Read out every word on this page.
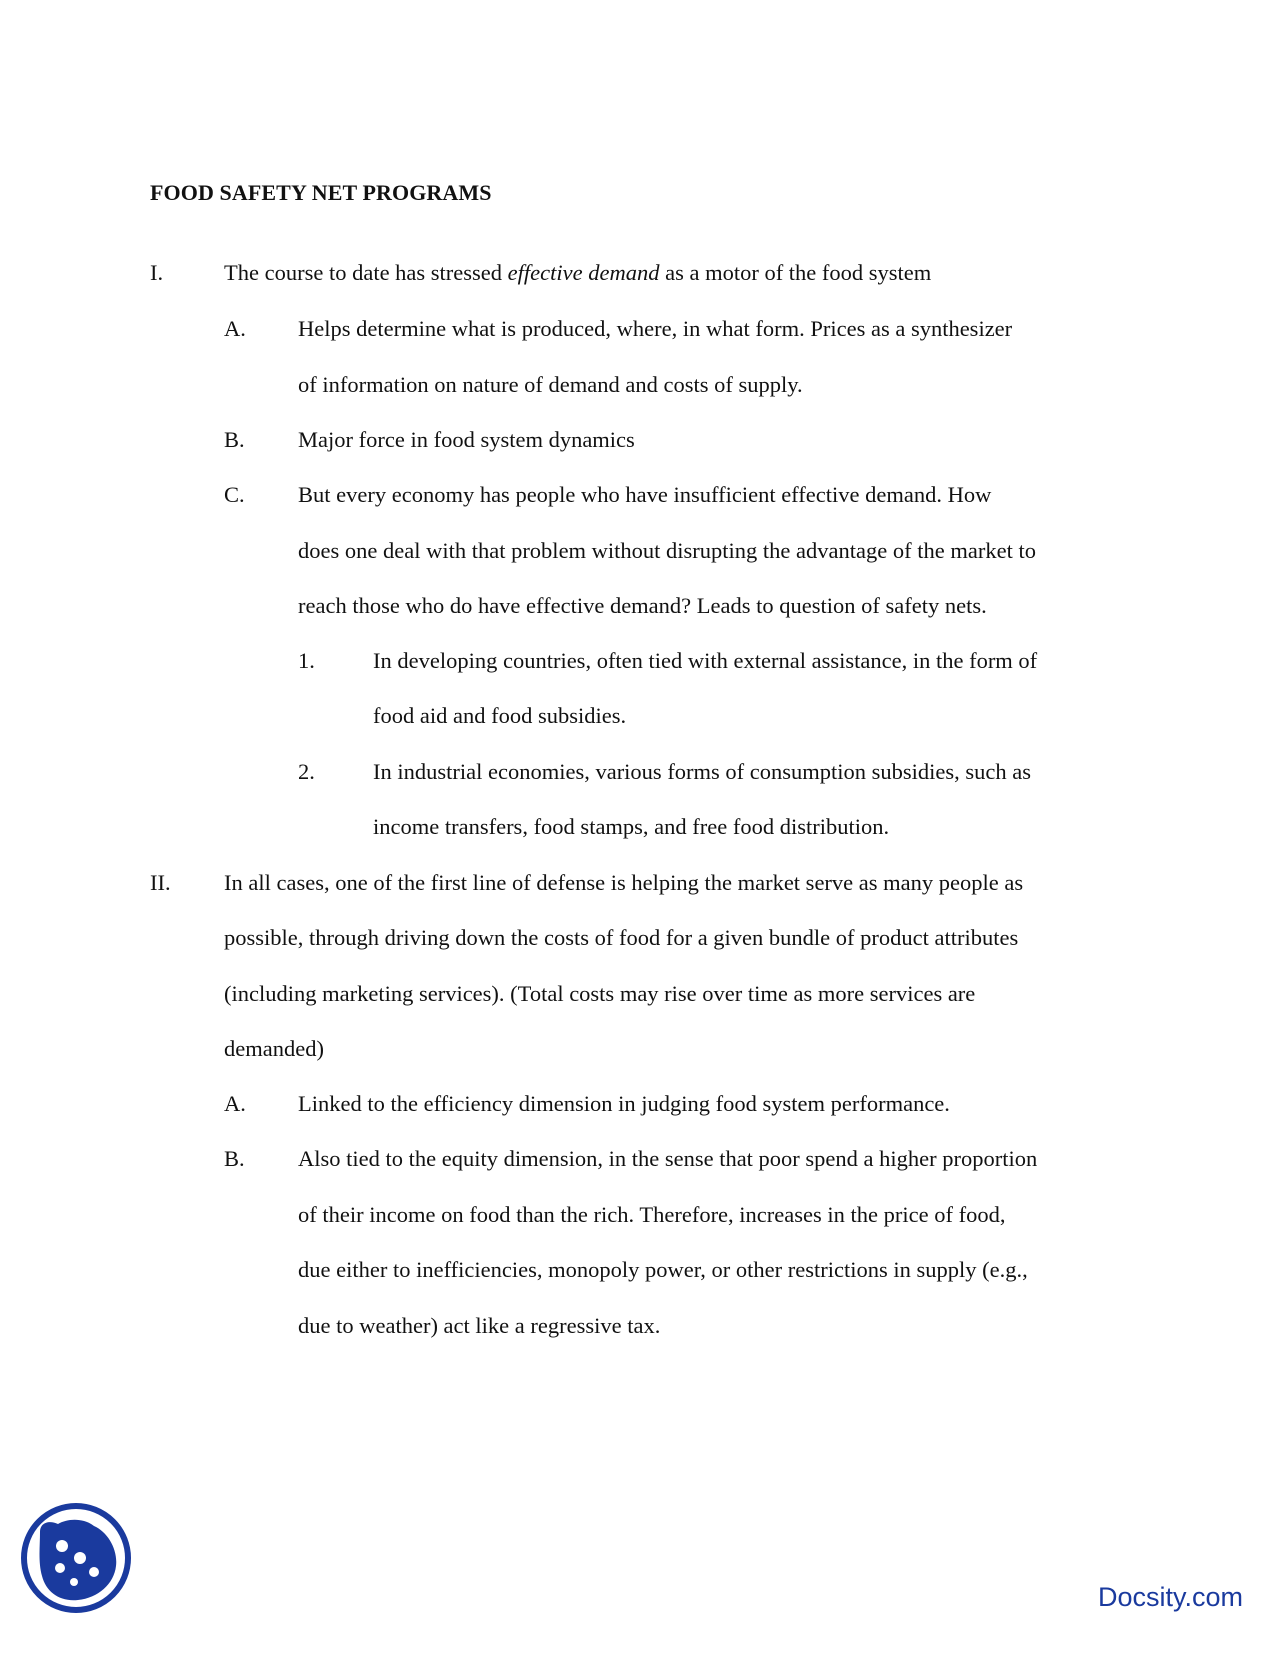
FOOD SAFETY NET PROGRAMS
I.	The course to date has stressed effective demand as a motor of the food system
A. Helps determine what is produced, where, in what form. Prices as a synthesizer
of information on nature of demand and costs of supply.
B. Major force in food system dynamics
C. But every economy has people who have insufficient effective demand. How
does one deal with that problem without disrupting the advantage of the market to
reach those who do have effective demand? Leads to question of safety nets.
1.	In developing countries, often tied with external assistance, in the form of
food aid and food subsidies.
2.	In industrial economies, various forms of consumption subsidies, such as
income transfers, food stamps, and free food distribution.
II. In all cases, one of the first line of defense is helping the market serve as many people as
possible, through driving down the costs of food for a given bundle of product attributes
(including marketing services). (Total costs may rise over time as more services are
demanded)
A. Linked to the efficiency dimension in judging food system performance.
B. Also tied to the equity dimension, in the sense that poor spend a higher proportion
of their income on food than the rich. Therefore, increases in the price of food,
due either to inefficiencies, monopoly power, or other restrictions in supply (e.g.,
due to weather) act like a regressive tax.
Docsity.com
